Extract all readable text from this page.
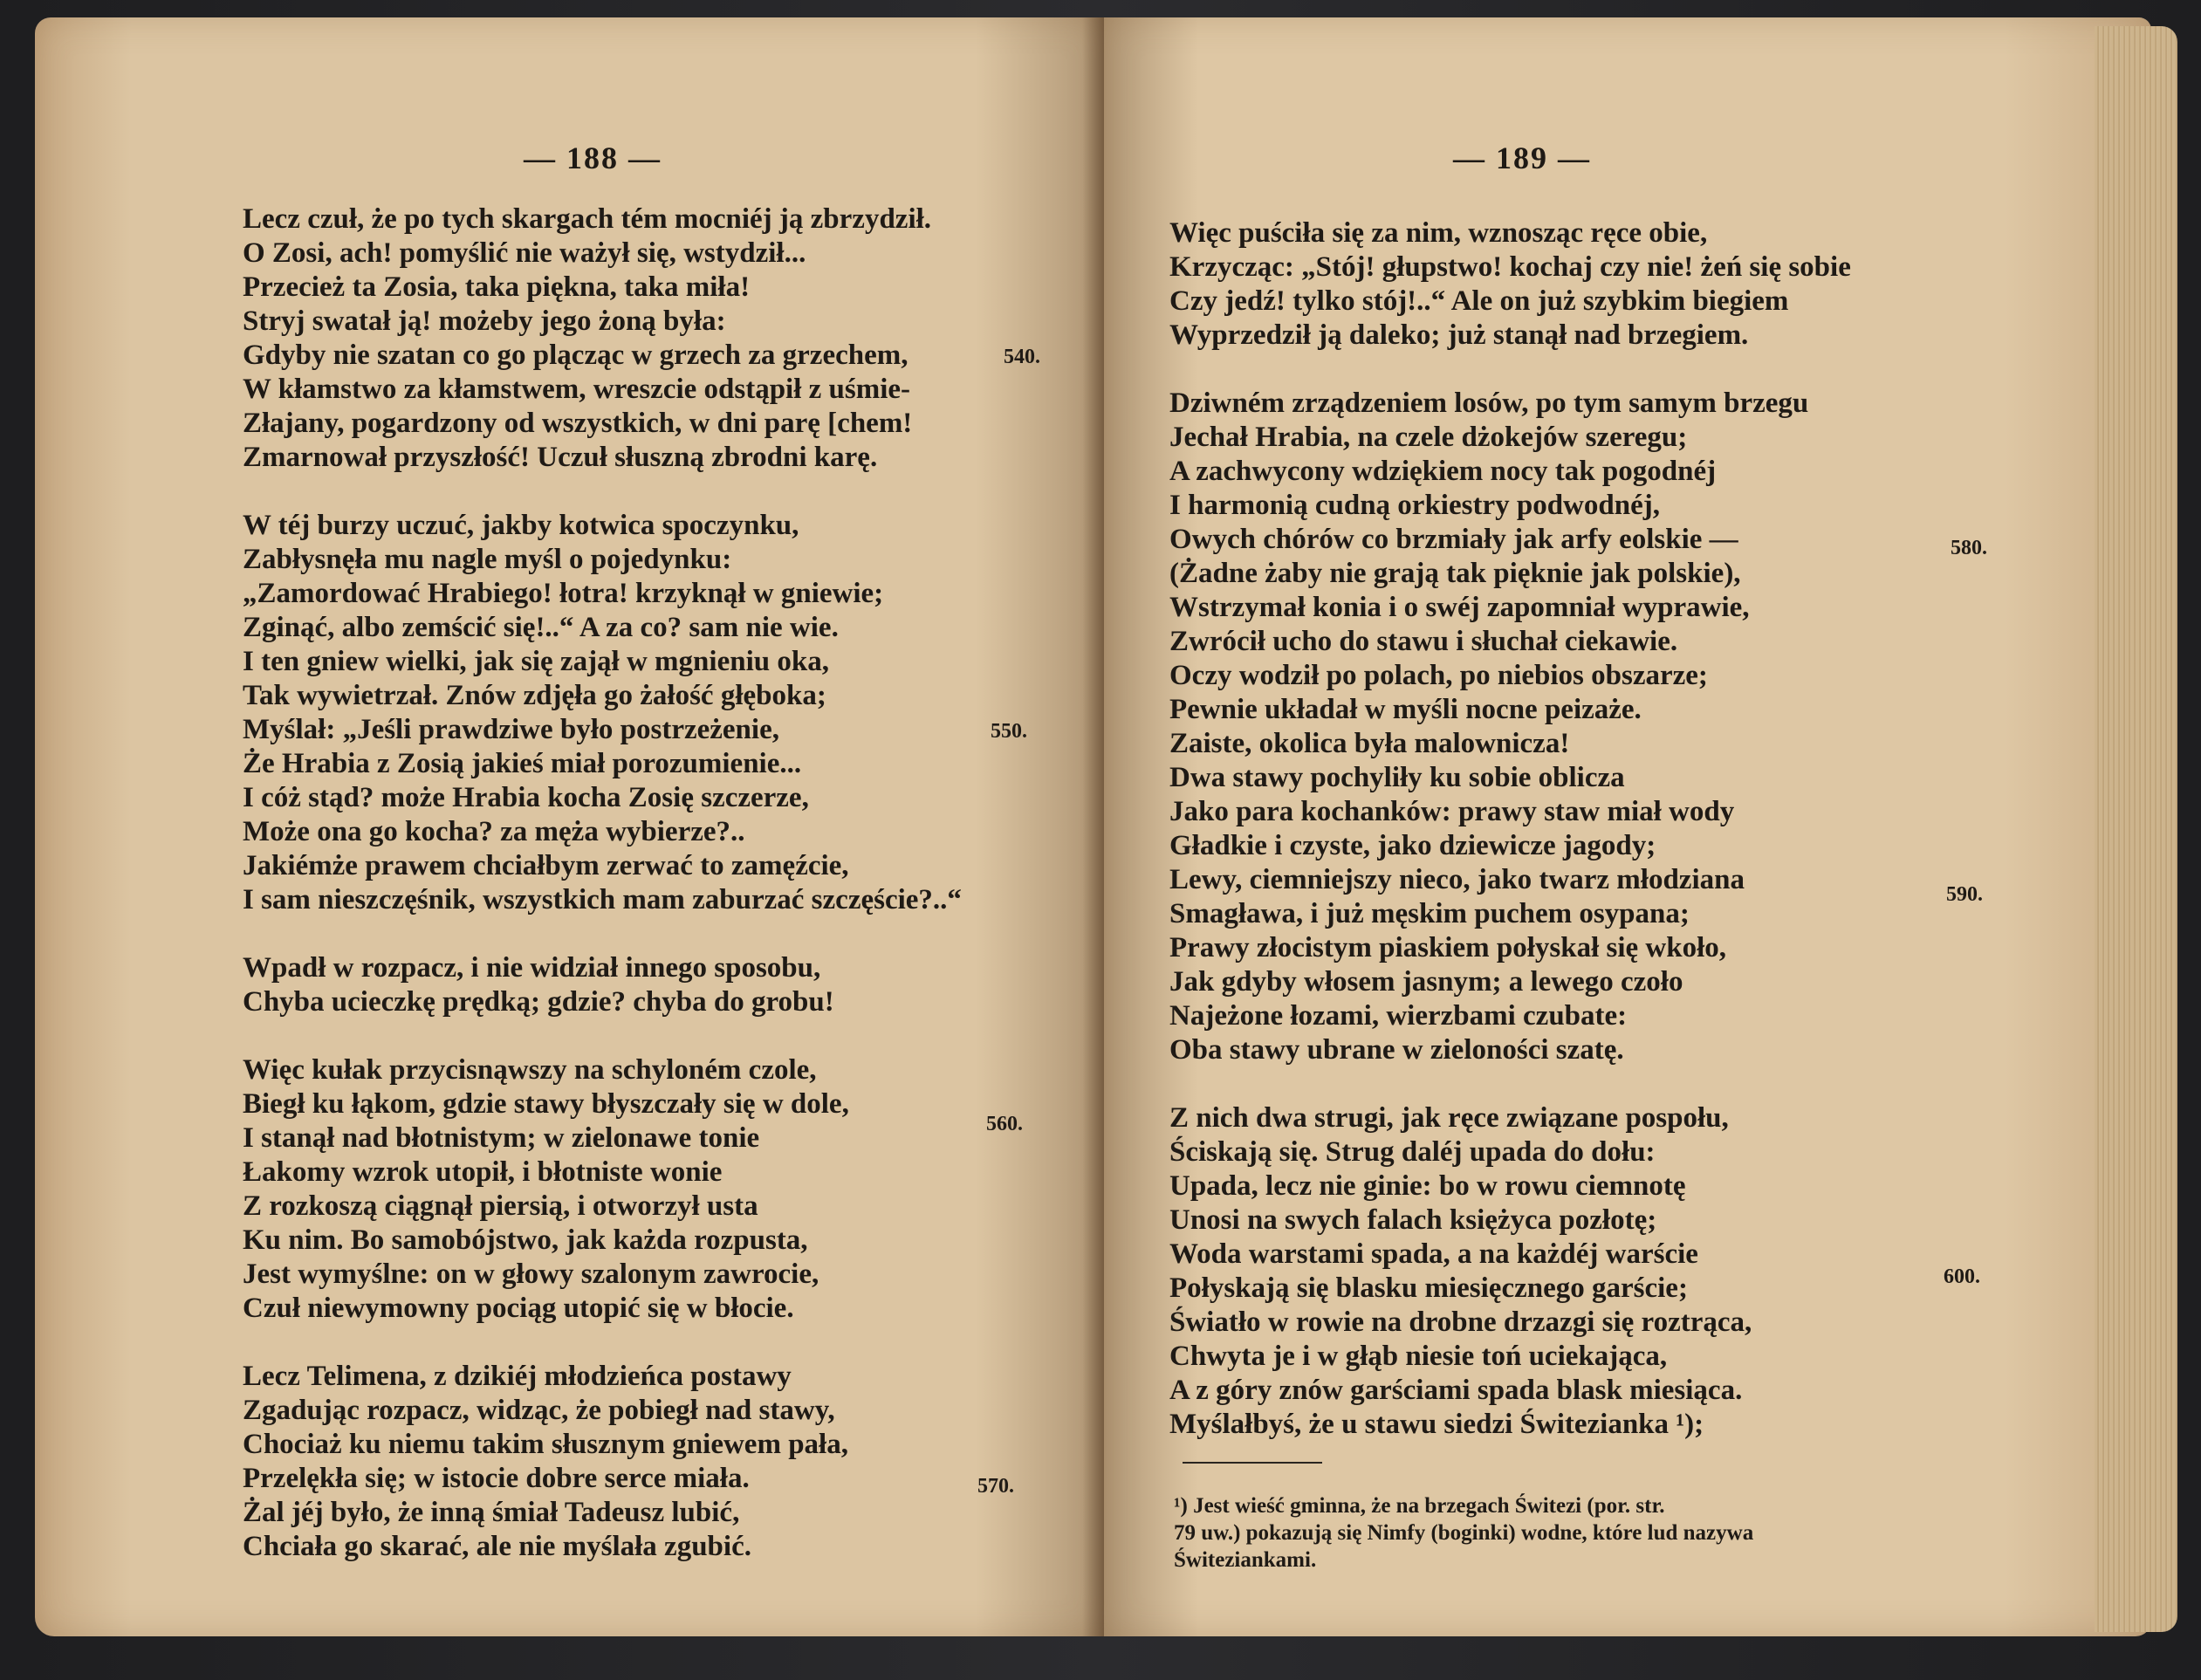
— 188 —
Lecz czuł, że po tych skargach tém mocniéj ją zbrzydził.
O Zosi, ach! pomyślić nie ważył się, wstydził...
Przecież ta Zosia, taka piękna, taka miła!
Stryj swatał ją! możeby jego żoną była:
Gdyby nie szatan co go plącząc w grzech za grzechem,
W kłamstwo za kłamstwem, wreszcie odstąpił z uśmie-
Złajany, pogardzony od wszystkich, w dni parę [chem!
Zmarnował przyszłość! Uczuł słuszną zbrodni karę.
W téj burzy uczuć, jakby kotwica spoczynku,
Zabłysnęła mu nagle myśl o pojedynku:
„Zamordować Hrabiego! łotra! krzyknął w gniewie;
Zginąć, albo zemścić się!..“ A za co? sam nie wie.
I ten gniew wielki, jak się zajął w mgnieniu oka,
Tak wywietrzał. Znów zdjęła go żałość głęboka;
Myślał: „Jeśli prawdziwe było postrzeżenie,
Że Hrabia z Zosią jakieś miał porozumienie...
I cóż stąd? może Hrabia kocha Zosię szczerze,
Może ona go kocha? za męża wybierze?..
Jakiémże prawem chciałbym zerwać to zamęźcie,
I sam nieszczęśnik, wszystkich mam zaburzać szczęście?..“
Wpadł w rozpacz, i nie widział innego sposobu,
Chyba ucieczkę prędką; gdzie? chyba do grobu!
Więc kułak przycisnąwszy na schyloném czole,
Biegł ku łąkom, gdzie stawy błyszczały się w dole,
I stanął nad błotnistym; w zielonawe tonie
Łakomy wzrok utopił, i błotniste wonie
Z rozkoszą ciągnął piersią, i otworzył usta
Ku nim. Bo samobójstwo, jak każda rozpusta,
Jest wymyślne: on w głowy szalonym zawrocie,
Czuł niewymowny pociąg utopić się w błocie.
Lecz Telimena, z dzikiéj młodzieńca postawy
Zgadując rozpacz, widząc, że pobiegł nad stawy,
Chociaż ku niemu takim słusznym gniewem pała,
Przelękła się; w istocie dobre serce miała.
Żal jéj było, że inną śmiał Tadeusz lubić,
Chciała go skarać, ale nie myślała zgubić.
540.
550.
560.
570.
— 189 —
Więc puściła się za nim, wznosząc ręce obie,
Krzycząc: „Stój! głupstwo! kochaj czy nie! żeń się sobie
Czy jedź! tylko stój!..“ Ale on już szybkim biegiem
Wyprzedził ją daleko; już stanął nad brzegiem.
Dziwném zrządzeniem losów, po tym samym brzegu
Jechał Hrabia, na czele dżokejów szeregu;
A zachwycony wdziękiem nocy tak pogodnéj
I harmonią cudną orkiestry podwodnéj,
Owych chórów co brzmiały jak arfy eolskie —
(Żadne żaby nie grają tak pięknie jak polskie),
Wstrzymał konia i o swéj zapomniał wyprawie,
Zwrócił ucho do stawu i słuchał ciekawie.
Oczy wodził po polach, po niebios obszarze;
Pewnie układał w myśli nocne peizaże.
Zaiste, okolica była malownicza!
Dwa stawy pochyliły ku sobie oblicza
Jako para kochanków: prawy staw miał wody
Gładkie i czyste, jako dziewicze jagody;
Lewy, ciemniejszy nieco, jako twarz młodziana
Smagława, i już męskim puchem osypana;
Prawy złocistym piaskiem połyskał się wkoło,
Jak gdyby włosem jasnym; a lewego czoło
Najeżone łozami, wierzbami czubate:
Oba stawy ubrane w zieloności szatę.
Z nich dwa strugi, jak ręce związane pospołu,
Ściskają się. Strug daléj upada do dołu:
Upada, lecz nie ginie: bo w rowu ciemnotę
Unosi na swych falach księżyca pozłotę;
Woda warstami spada, a na każdéj warście
Połyskają się blasku miesięcznego garście;
Światło w rowie na drobne drzazgi się roztrąca,
Chwyta je i w głąb niesie toń uciekająca,
A z góry znów garściami spada blask miesiąca.
Myślałbyś, że u stawu siedzi Świtezianka ¹);
580.
590.
600.

¹) Jest wieść gminna, że na brzegach Świtezi (por. str.

79 uw.) pokazują się Nimfy (boginki) wodne, które lud nazywa

Świteziankami.
